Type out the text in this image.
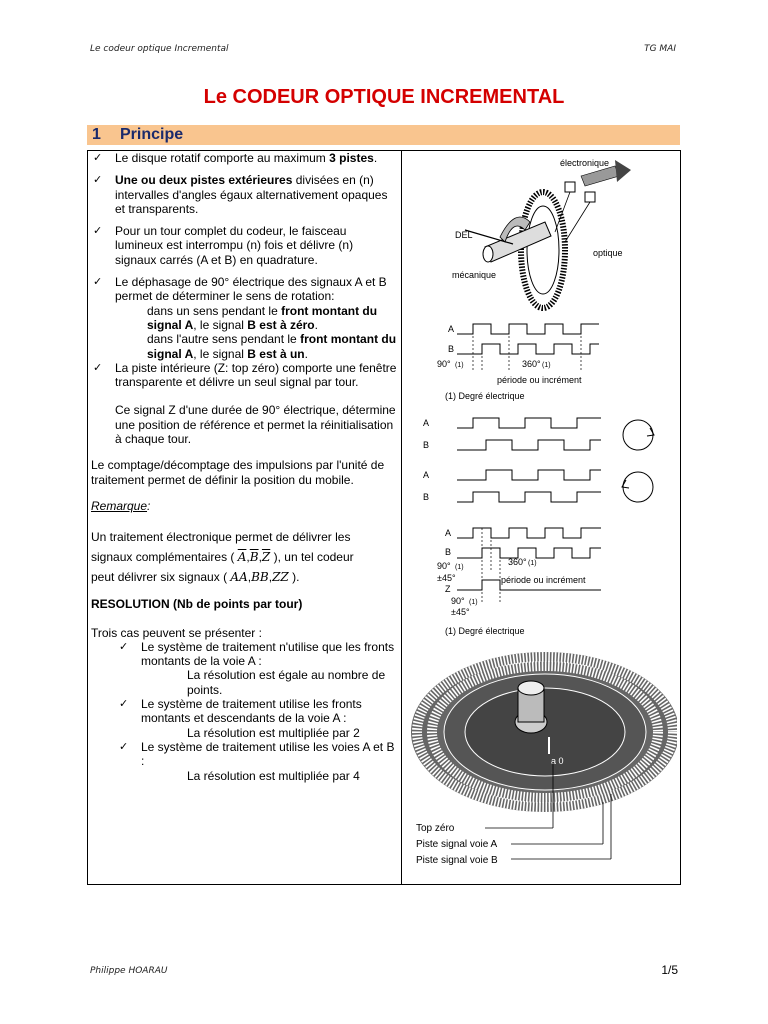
Le codeur optique Incremental	TG MAI
Le CODEUR OPTIQUE INCREMENTAL
1 Principe
✓ Le disque rotatif comporte au maximum 3 pistes.
✓ Une ou deux pistes extérieures divisées en (n) intervalles d'angles égaux alternativement opaques et transparents.
✓ Pour un tour complet du codeur, le faisceau lumineux est interrompu (n) fois et délivre (n) signaux carrés (A et B) en quadrature.
✓ Le déphasage de 90° électrique des signaux A et B permet de déterminer le sens de rotation:

dans un sens pendant le front montant du signal A, le signal B est à zéro.

dans l'autre sens pendant le front montant du signal A, le signal B est à un.

✓ La piste intérieure (Z: top zéro) comporte une fenêtre transparente et délivre un seul signal par tour.

Ce signal Z d'une durée de 90° électrique, détermine une position de référence et permet la réinitialisation à chaque tour.

Le comptage/décomptage des impulsions par l'unité de traitement permet de définir la position du mobile.

Remarque:

Un traitement électronique permet de délivrer les

signaux complémentaires ( $\overline{A},\overline{B},\overline{Z}$ ), un tel codeur

peut délivrer six signaux ( AA,BB,ZZ ).

RESOLUTION (Nb de points par tour)

Trois cas peuvent se présenter :

✓ Le système de traitement n'utilise que les fronts montants de la voie A :

La résolution est égale au nombre de points.

✓ Le système de traitement utilise les fronts montants et descendants de la voie A :

La résolution est multipliée par 2

✓ Le système de traitement utilise les voies A et B :

La résolution est multipliée par 4

électronique
DEL
optique
mécanique
A
B
90° (1)	360° (1)
période ou incrément
(1) Degré électrique
A
B
A
B
A
B
Z
90° (1)
±45°
360° (1)
période ou incrément
90° (1)
±45°
(1) Degré électrique
a 0
Top zéro
Piste signal voie A
Piste signal voie B
Philippe HOARAU	1/5
